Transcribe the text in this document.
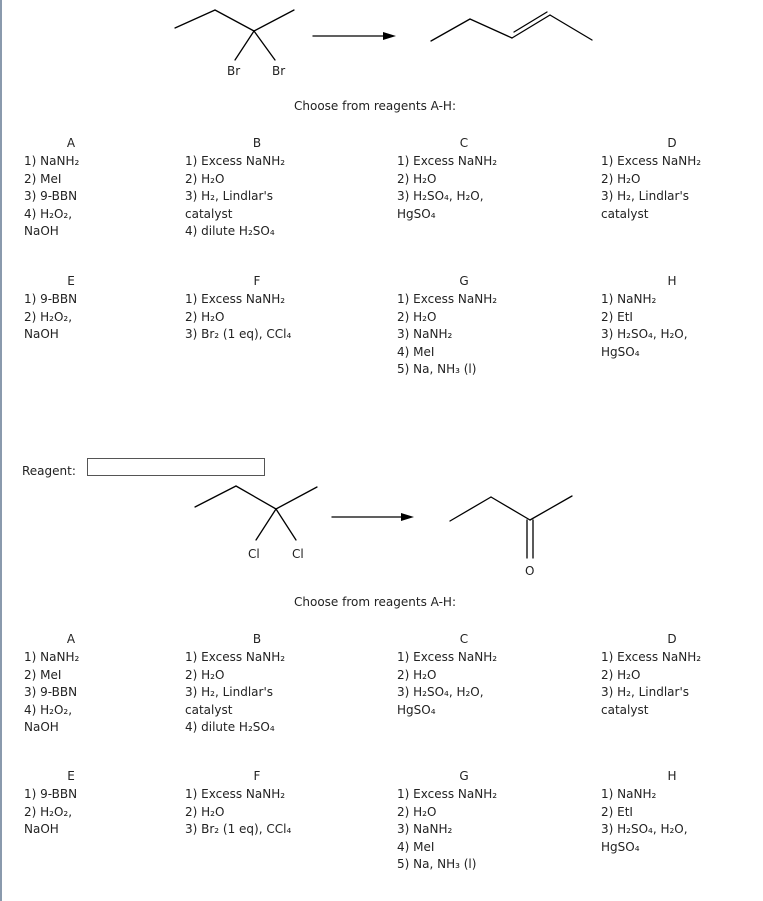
Br	Br
Choose from reagents A-H:
A
1) NaNH₂
2) MeI
3) 9-BBN
4) H₂O₂,
NaOH
B
1) Excess NaNH₂
2) H₂O
3) H₂, Lindlar's
catalyst
4) dilute H₂SO₄
C
1) Excess NaNH₂
2) H₂O
3) H₂SO₄, H₂O,
HgSO₄
D
1) Excess NaNH₂
2) H₂O
3) H₂, Lindlar's
catalyst
E
1) 9-BBN
2) H₂O₂,
NaOH
F
1) Excess NaNH₂
2) H₂O
3) Br₂ (1 eq), CCl₄
G
1) Excess NaNH₂
2) H₂O
3) NaNH₂
4) MeI
5) Na, NH₃ (l)
H
1) NaNH₂
2) EtI
3) H₂SO₄, H₂O,
HgSO₄
Reagent:
Cl	Cl
O
Choose from reagents A-H:
A
1) NaNH₂
2) MeI
3) 9-BBN
4) H₂O₂,
NaOH
B
1) Excess NaNH₂
2) H₂O
3) H₂, Lindlar's
catalyst
4) dilute H₂SO₄
C
1) Excess NaNH₂
2) H₂O
3) H₂SO₄, H₂O,
HgSO₄
D
1) Excess NaNH₂
2) H₂O
3) H₂, Lindlar's
catalyst
E
1) 9-BBN
2) H₂O₂,
NaOH
F
1) Excess NaNH₂
2) H₂O
3) Br₂ (1 eq), CCl₄
G
1) Excess NaNH₂
2) H₂O
3) NaNH₂
4) MeI
5) Na, NH₃ (l)
H
1) NaNH₂
2) EtI
3) H₂SO₄, H₂O,
HgSO₄
